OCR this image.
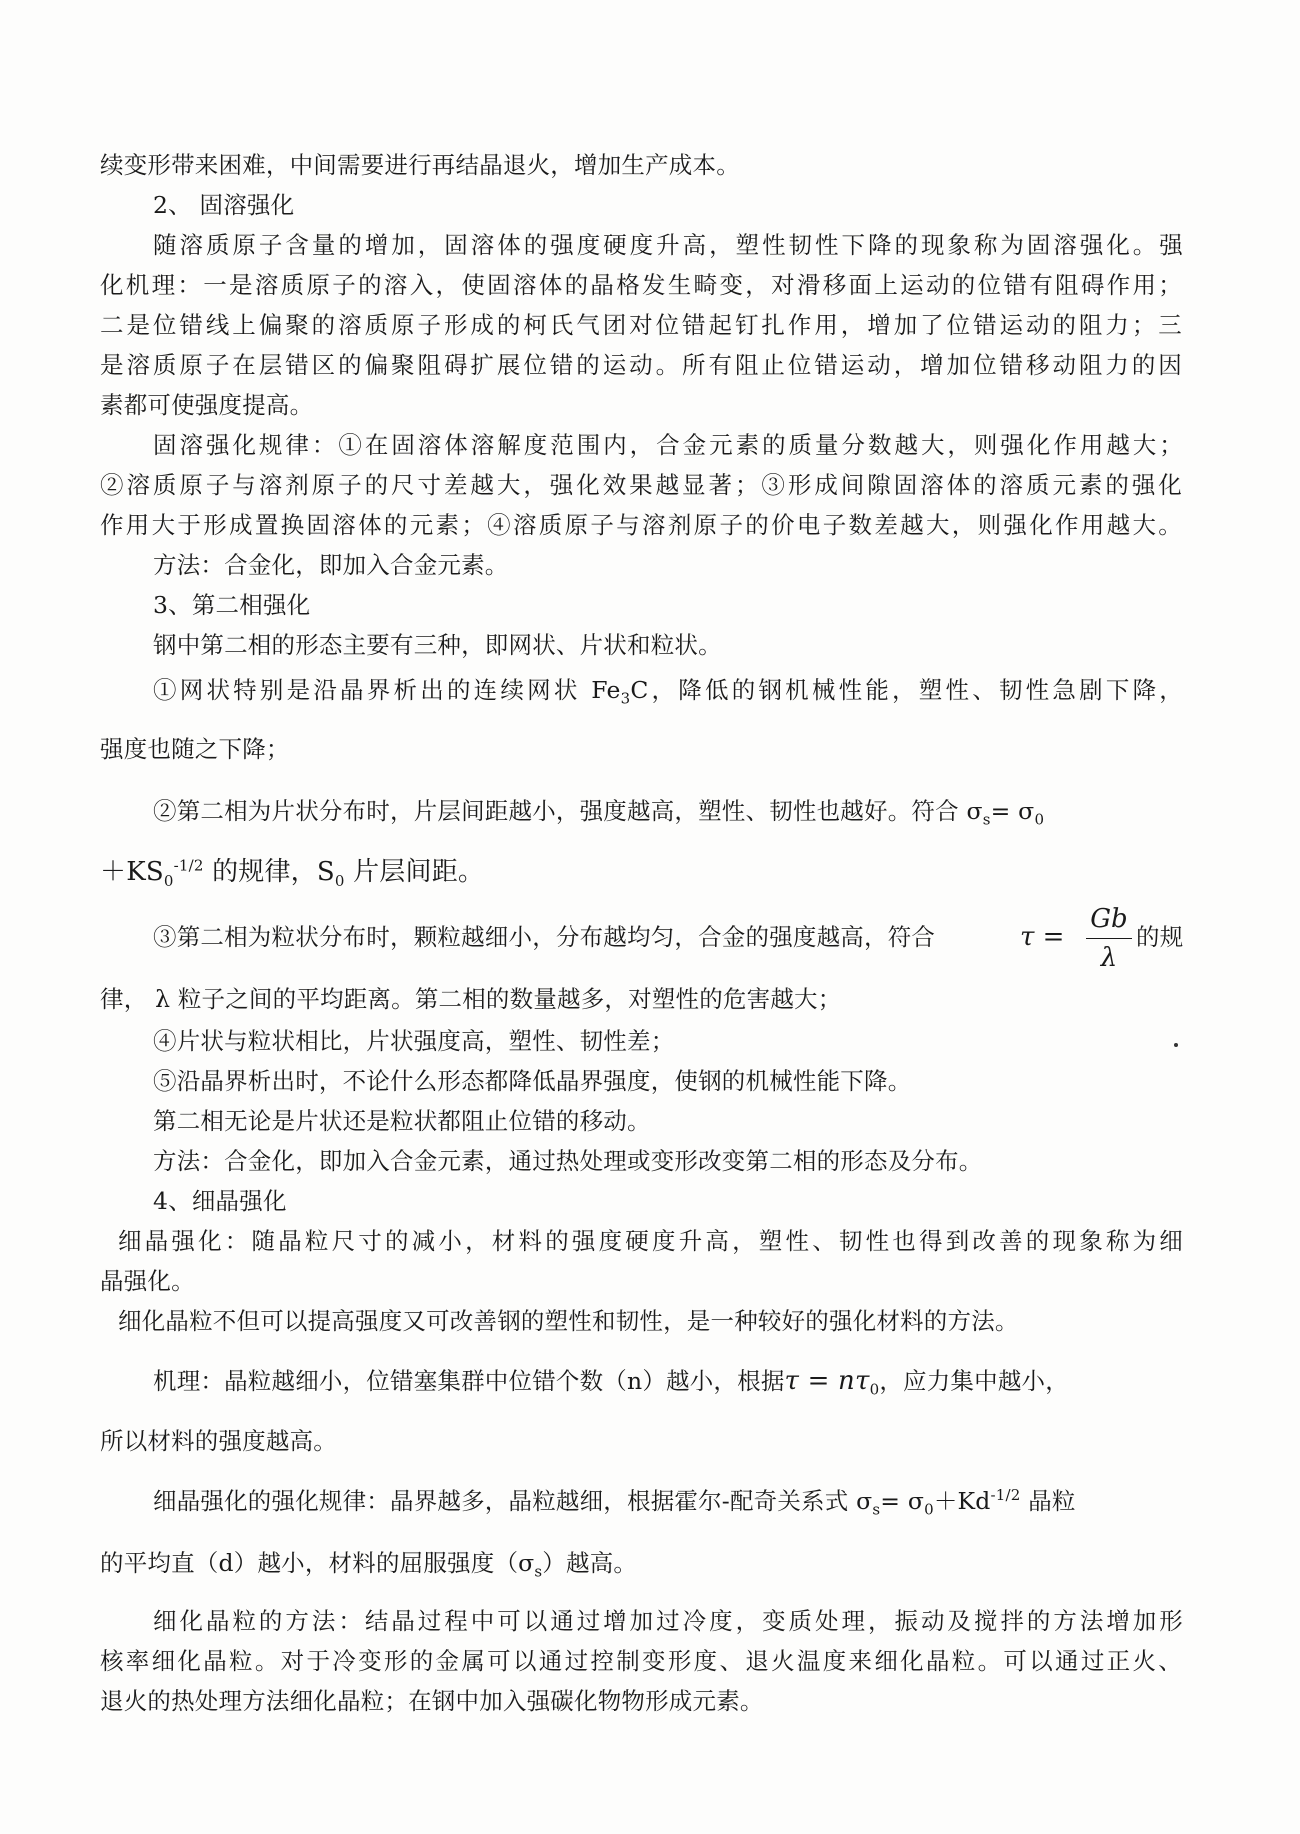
续变形带来困难，中间需要进行再结晶退火，增加生产成本。
2、 固溶强化
随溶质原子含量的增加，固溶体的强度硬度升高，塑性韧性下降的现象称为固溶强化。强
化机理：一是溶质原子的溶入，使固溶体的晶格发生畸变，对滑移面上运动的位错有阻碍作用；
二是位错线上偏聚的溶质原子形成的柯氏气团对位错起钉扎作用，增加了位错运动的阻力；三
是溶质原子在层错区的偏聚阻碍扩展位错的运动。所有阻止位错运动，增加位错移动阻力的因
素都可使强度提高。
固溶强化规律：①在固溶体溶解度范围内，合金元素的质量分数越大，则强化作用越大；
②溶质原子与溶剂原子的尺寸差越大，强化效果越显著；③形成间隙固溶体的溶质元素的强化
作用大于形成置换固溶体的元素；④溶质原子与溶剂原子的价电子数差越大，则强化作用越大。
方法：合金化，即加入合金元素。
3、第二相强化
钢中第二相的形态主要有三种，即网状、片状和粒状。
①网状特别是沿晶界析出的连续网状 $Fe_3C$，降低的钢机械性能，塑性、韧性急剧下降，
强度也随之下降；
②第二相为片状分布时，片层间距越小，强度越高，塑性、韧性也越好。符合 $\sigma_s= \sigma_0$
$+KS_0^{-1/2}$ 的规律，$S_0$ 片层间距。
③第二相为粒状分布时，颗粒越细小，分布越均匀，合金的强度越高，符合	$\tau = \frac{Gb}{\lambda}$ 的规
律， λ 粒子之间的平均距离。第二相的数量越多，对塑性的危害越大；
④片状与粒状相比，片状强度高，塑性、韧性差；
⑤沿晶界析出时，不论什么形态都降低晶界强度，使钢的机械性能下降。
第二相无论是片状还是粒状都阻止位错的移动。
方法：合金化，即加入合金元素，通过热处理或变形改变第二相的形态及分布。
4、细晶强化
细晶强化：随晶粒尺寸的减小，材料的强度硬度升高，塑性、韧性也得到改善的现象称为细
晶强化。
细化晶粒不但可以提高强度又可改善钢的塑性和韧性，是一种较好的强化材料的方法。
机理：晶粒越细小，位错塞集群中位错个数（n）越小，根据$\tau = n\tau_0$，应力集中越小，
所以材料的强度越高。
细晶强化的强化规律：晶界越多，晶粒越细，根据霍尔-配奇关系式 $\sigma_s= \sigma_0+Kd^{-1/2}$ 晶粒
的平均直（d）越小，材料的屈服强度$(\sigma_s)$越高。
细化晶粒的方法：结晶过程中可以通过增加过冷度，变质处理，振动及搅拌的方法增加形
核率细化晶粒。对于冷变形的金属可以通过控制变形度、退火温度来细化晶粒。可以通过正火、
退火的热处理方法细化晶粒；在钢中加入强碳化物物形成元素。
